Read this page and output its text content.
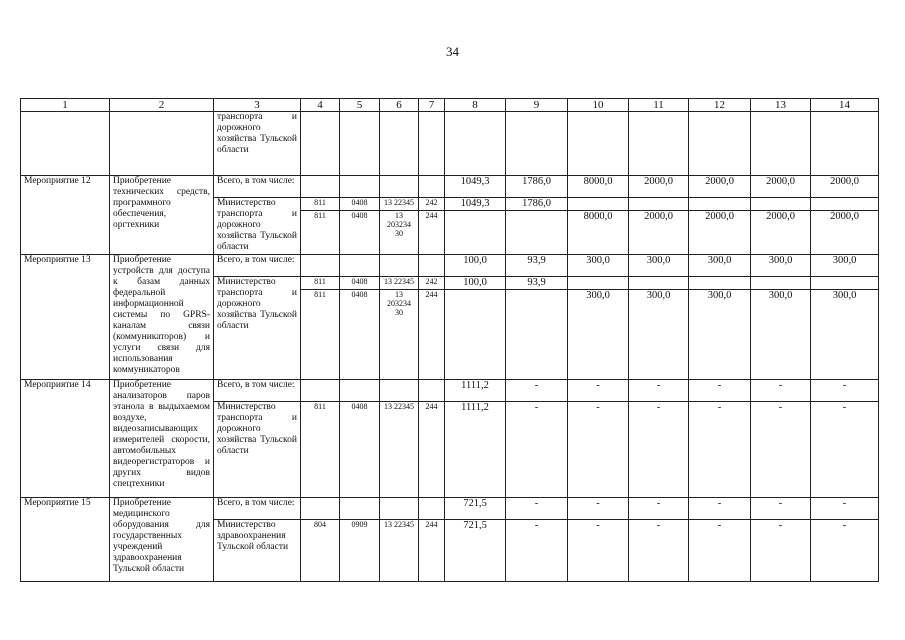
34
1	2	3	4	5	6	7	8	9	10	11	12	13	14
		транспорта и дорожного хозяйства Тульской области											
Мероприятие 12	Приобретение технических средств, программного обеспечения, оргтехники	Всего, в том числе:					1049,3	1786,0	8000,0	2000,0	2000,0	2000,0	2000,0
		Министерство транспорта и дорожного хозяйства Тульской области	811	0408	13 22345	242	1049,3	1786,0					
			811	0408	13 203234 30	244			8000,0	2000,0	2000,0	2000,0	2000,0
Мероприятие 13	Приобретение устройств для доступа к базам данных федеральной информационной системы по GPRS-каналам связи (коммуникаторов) и услуги связи для использования коммуникаторов	Всего, в том числе:					100,0	93,9	300,0	300,0	300,0	300,0	300,0
		Министерство транспорта и дорожного хозяйства Тульской области	811	0408	13 22345	242	100,0	93,9					
			811	0408	13 203234 30	244			300,0	300,0	300,0	300,0	300,0
Мероприятие 14	Приобретение анализаторов паров этанола в выдыхаемом воздухе, видеозаписывающих измерителей скорости, автомобильных видеорегистраторов и других видов спецтехники	Всего, в том числе:					1111,2	-	-	-	-	-	-
		Министерство транспорта и дорожного хозяйства Тульской области	811	0408	13 22345	244	1111,2	-	-	-	-	-	-
Мероприятие 15	Приобретение медицинского оборудования для государственных учреждений здравоохранения Тульской области	Всего, в том числе:					721,5	-	-	-	-	-	-
		Министерство здравоохранения Тульской области	804	0909	13 22345	244	721,5	-	-	-	-	-	-
